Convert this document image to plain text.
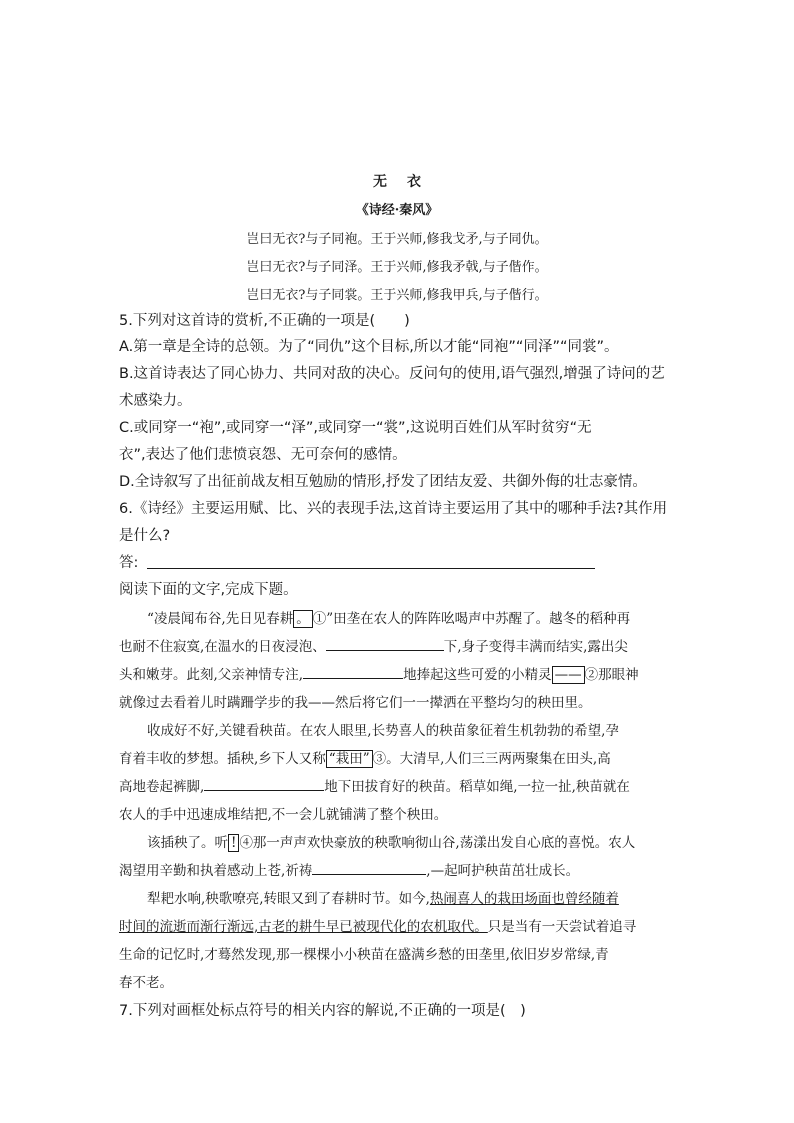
无衣
《诗经·秦风》
岂曰无衣?与子同袍。王于兴师,修我戈矛,与子同仇。
岂曰无衣?与子同泽。王于兴师,修我矛戟,与子偕作。
岂曰无衣?与子同裳。王于兴师,修我甲兵,与子偕行。
5.下列对这首诗的赏析,不正确的一项是(　　)
A.第一章是全诗的总领。为了“同仇”这个目标,所以才能“同袍”“同泽”“同裳”。
B.这首诗表达了同心协力、共同对敌的决心。反问句的使用,语气强烈,增强了诗问的艺
术感染力。
C.或同穿一“袍”,或同穿一“泽”,或同穿一“裳”,这说明百姓们从军时贫穷“无
衣”,表达了他们悲愤哀怨、无可奈何的感情。
D.全诗叙写了出征前战友相互勉励的情形,抒发了团结友爱、共御外侮的壮志豪情。
6.《诗经》主要运用赋、比、兴的表现手法,这首诗主要运用了其中的哪种手法?其作用
是什么?
答:
阅读下面的文字,完成下题。
“凌晨闻布谷,先日见春耕 。 ①”田垄在农人的阵阵吆喝声中苏醒了。越冬的稻种再
也耐不住寂寞,在温水的日夜浸泡、	下,身子变得丰满而结实,露出尖
头和嫩芽。此刻,父亲神情专注,	地捧起这些可爱的小精灵 —— ②那眼神
就像过去看着儿时蹒跚学步的我——然后将它们一一撵洒在平整均匀的秧田里。
收成好不好,关键看秧苗。在农人眼里,长势喜人的秧苗象征着生机勃勃的希望,孕
育着丰收的梦想。插秧,乡下人又称 “栽田” ③。大清早,人们三三两两聚集在田头,高
高地卷起裤脚,	地下田拔育好的秧苗。稻草如绳,一拉一扯,秧苗就在
农人的手中迅速成堆结把,不一会儿就铺满了整个秧田。
该插秧了。听 ! ④那一声声欢快豪放的秧歌响彻山谷,荡漾出发自心底的喜悦。农人
渴望用辛勤和执着感动上苍,祈祷	,—起呵护秧苗茁壮成长。
犁耙水响,秧歌嘹亮,转眼又到了春耕时节。如今,热闹喜人的栽田场面也曾经随着
时间的流逝而渐行渐远,古老的耕牛早已被现代化的农机取代。只是当有一天尝试着追寻
生命的记忆时,才蓦然发现,那一棵棵小小秧苗在盛满乡愁的田垄里,依旧岁岁常绿,青
春不老。
7.下列对画框处标点符号的相关内容的解说,不正确的一项是(　)
